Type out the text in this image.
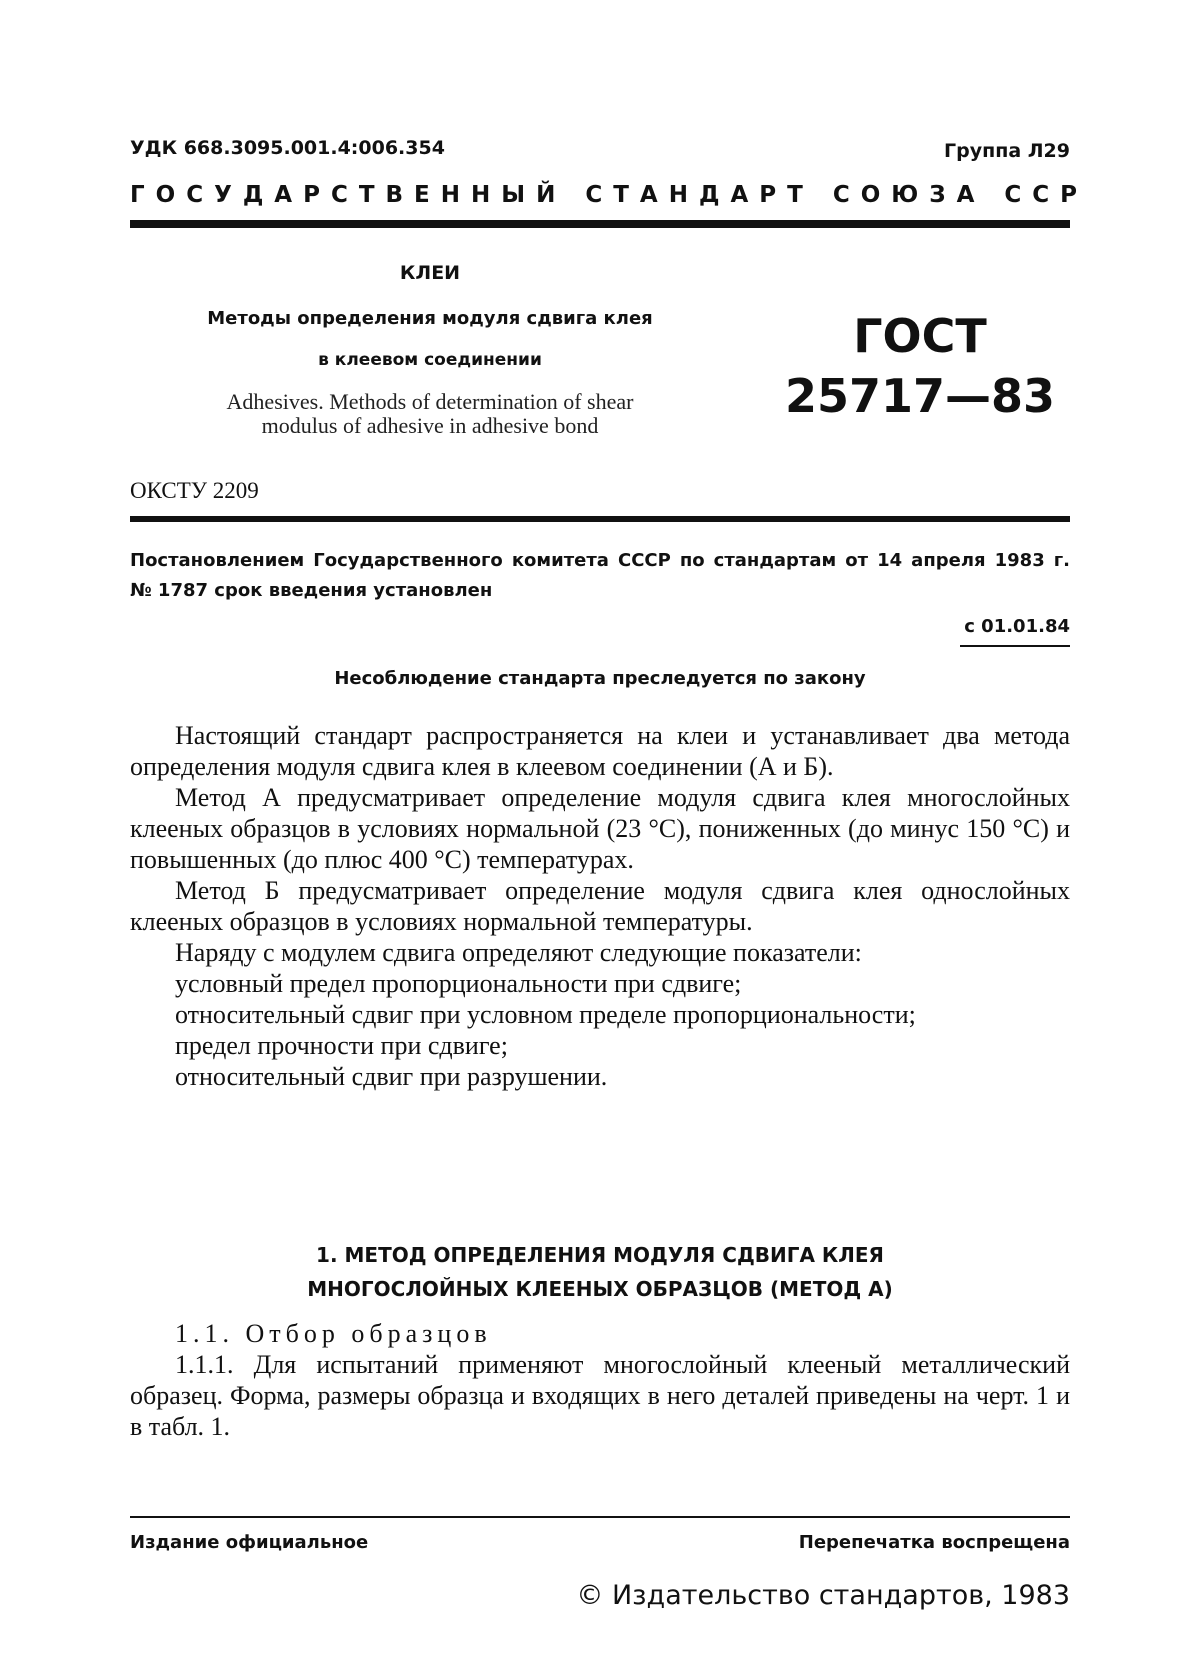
УДК 668.3095.001.4:006.354	Группа Л29
ГОСУДАРСТВЕННЫЙ СТАНДАРТ СОЮЗА ССР
КЛЕИ
Методы определения модуля сдвига клея
в клеевом соединении
Adhesives. Methods of determination of shear
modulus of adhesive in adhesive bond
ГОСТ
25717—83
ОКСТУ 2209
Постановлением Государственного комитета СССР по стандартам от 14 апреля 1983 г. № 1787 срок введения установлен
с 01.01.84
Несоблюдение стандарта преследуется по закону

Настоящий стандарт распространяется на клеи и устанавливает два метода определения модуля сдвига клея в клеевом соединении (А и Б).

Метод А предусматривает определение модуля сдвига клея многослойных клееных образцов в условиях нормальной (23 °С), пониженных (до минус 150 °С) и повышенных (до плюс 400 °С) температурах.

Метод Б предусматривает определение модуля сдвига клея однослойных клееных образцов в условиях нормальной температуры.

Наряду с модулем сдвига определяют следующие показатели:

условный предел пропорциональности при сдвиге;

относительный сдвиг при условном пределе пропорциональности;

предел прочности при сдвиге;

относительный сдвиг при разрушении.

1. МЕТОД ОПРЕДЕЛЕНИЯ МОДУЛЯ СДВИГА КЛЕЯ
МНОГОСЛОЙНЫХ КЛЕЕНЫХ ОБРАЗЦОВ (МЕТОД А)

1.1. Отбор образцов

1.1.1. Для испытаний применяют многослойный клееный металлический образец. Форма, размеры образца и входящих в него деталей приведены на черт. 1 и в табл. 1.

Издание официальное	Перепечатка воспрещена
© Издательство стандартов, 1983
